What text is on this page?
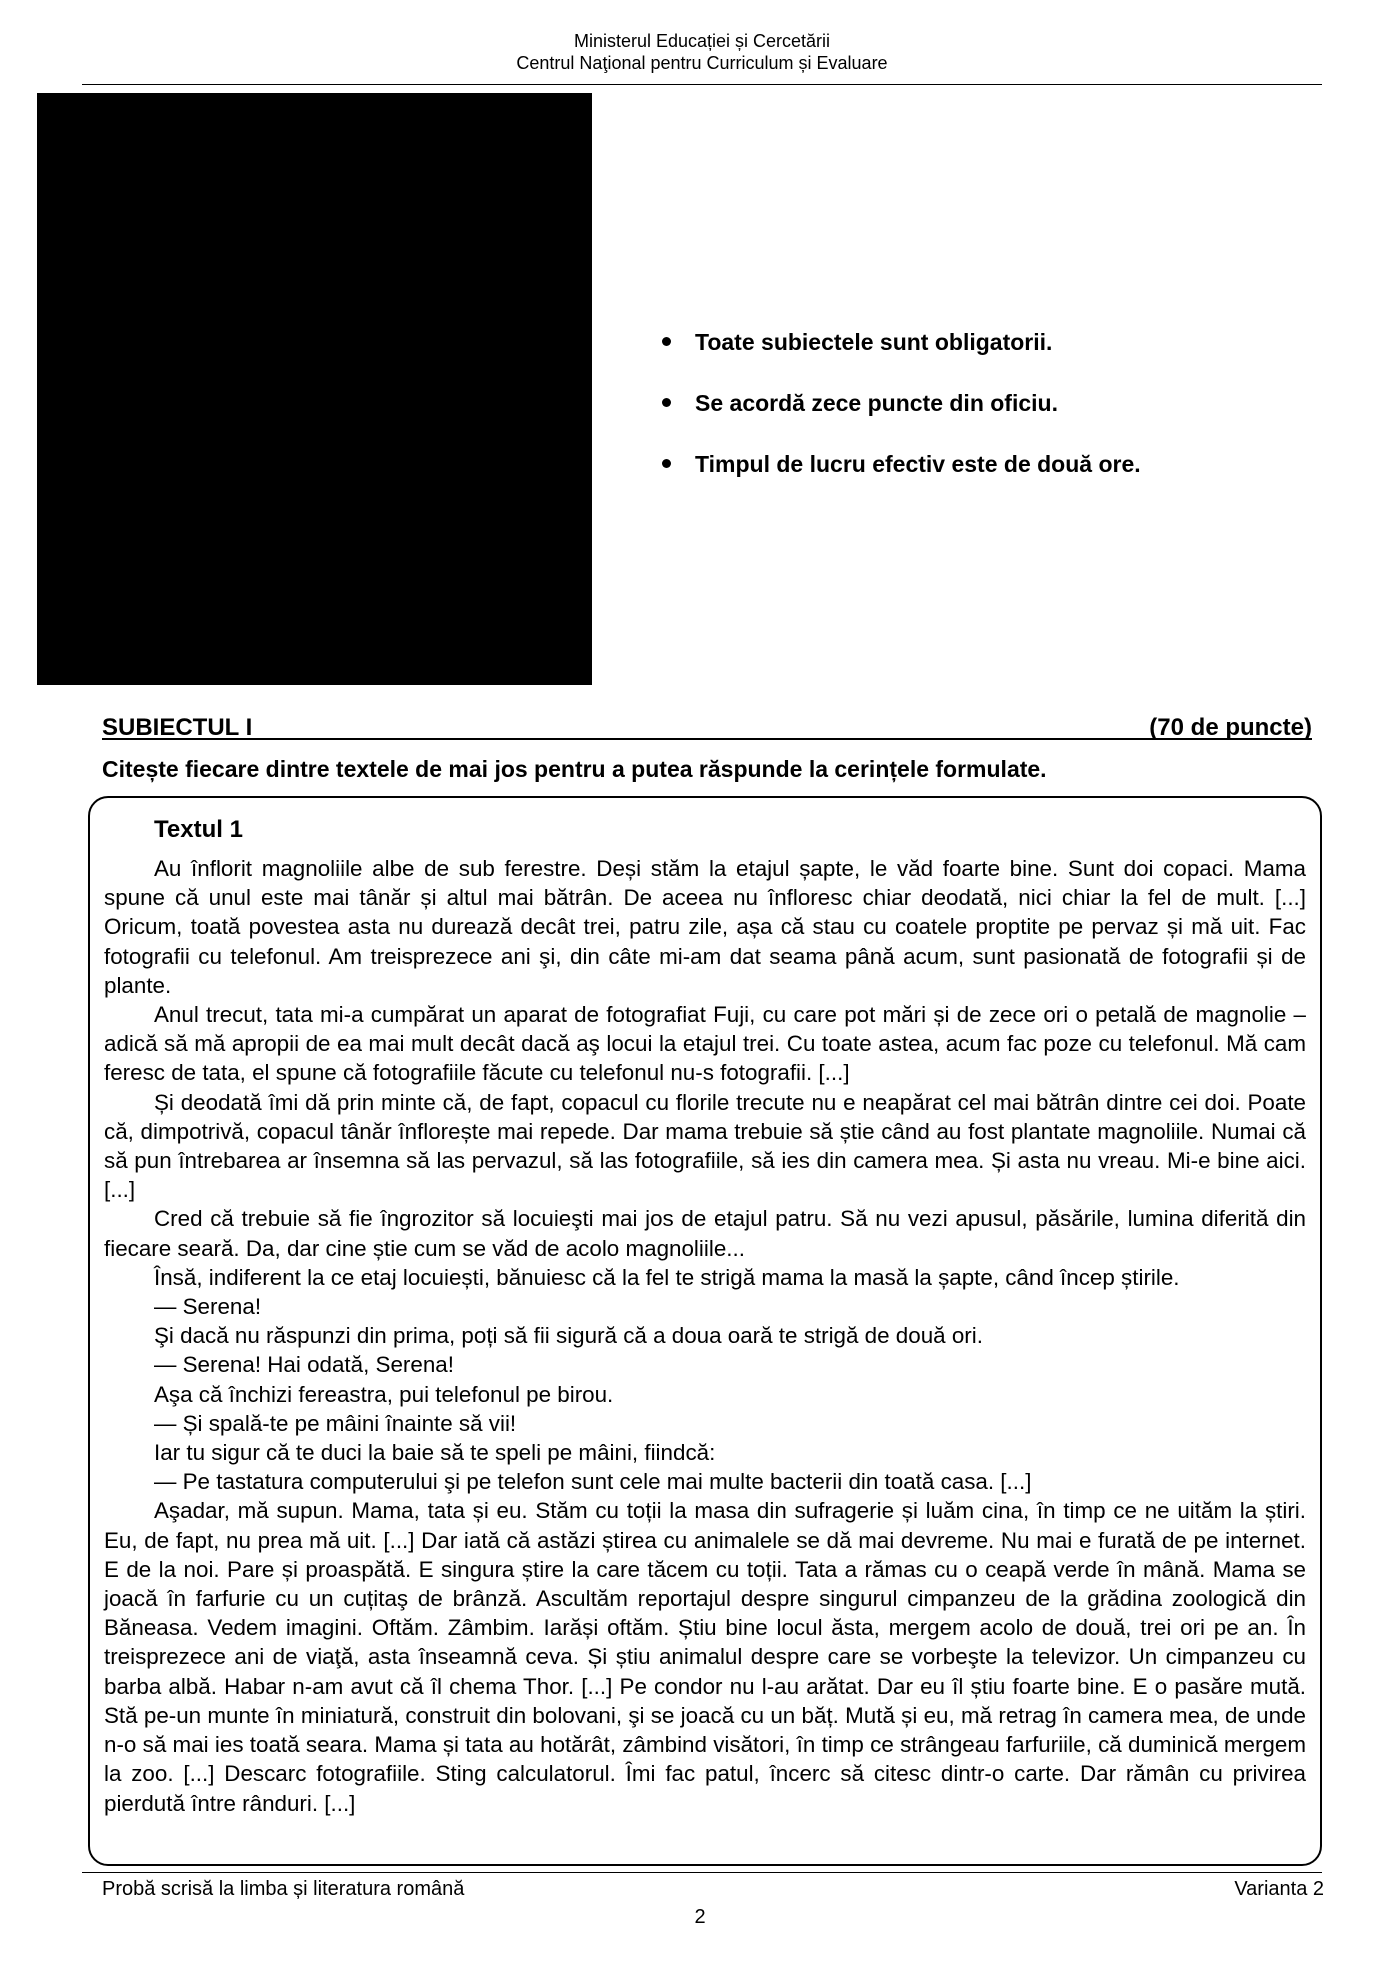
Ministerul Educației și Cercetării
Centrul Naţional pentru Curriculum și Evaluare
Toate subiectele sunt obligatorii.
Se acordă zece puncte din oficiu.
Timpul de lucru efectiv este de două ore.
SUBIECTUL I	(70 de puncte)
Citește fiecare dintre textele de mai jos pentru a putea răspunde la cerințele formulate.
Textul 1

Au înflorit magnoliile albe de sub ferestre. Deși stăm la etajul șapte, le văd foarte bine. Sunt doi copaci. Mama spune că unul este mai tânăr și altul mai bătrân. De aceea nu înfloresc chiar deodată, nici chiar la fel de mult. [...] Oricum, toată povestea asta nu durează decât trei, patru zile, așa că stau cu coatele proptite pe pervaz și mă uit. Fac fotografii cu telefonul. Am treisprezece ani şi, din câte mi-am dat seama până acum, sunt pasionată de fotografii și de plante.

Anul trecut, tata mi-a cumpărat un aparat de fotografiat Fuji, cu care pot mări și de zece ori o petală de magnolie – adică să mă apropii de ea mai mult decât dacă aş locui la etajul trei. Cu toate astea, acum fac poze cu telefonul. Mă cam feresc de tata, el spune că fotografiile făcute cu telefonul nu-s fotografii. [...]

Și deodată îmi dă prin minte că, de fapt, copacul cu florile trecute nu e neapărat cel mai bătrân dintre cei doi. Poate că, dimpotrivă, copacul tânăr înflorește mai repede. Dar mama trebuie să știe când au fost plantate magnoliile. Numai că să pun întrebarea ar însemna să las pervazul, să las fotografiile, să ies din camera mea. Și asta nu vreau. Mi-e bine aici. [...]

Cred că trebuie să fie îngrozitor să locuieşti mai jos de etajul patru. Să nu vezi apusul, păsările, lumina diferită din fiecare seară. Da, dar cine știe cum se văd de acolo magnoliile...

Însă, indiferent la ce etaj locuiești, bănuiesc că la fel te strigă mama la masă la șapte, când încep știrile.

— Serena!

Şi dacă nu răspunzi din prima, poți să fii sigură că a doua oară te strigă de două ori.

— Serena! Hai odată, Serena!

Aşa că închizi fereastra, pui telefonul pe birou.

— Și spală-te pe mâini înainte să vii!

Iar tu sigur că te duci la baie să te speli pe mâini, fiindcă:

— Pe tastatura computerului şi pe telefon sunt cele mai multe bacterii din toată casa. [...]

Aşadar, mă supun. Mama, tata și eu. Stăm cu toții la masa din sufragerie și luăm cina, în timp ce ne uităm la știri. Eu, de fapt, nu prea mă uit. [...] Dar iată că astăzi știrea cu animalele se dă mai devreme. Nu mai e furată de pe internet. E de la noi. Pare și proaspătă. E singura știre la care tăcem cu toții. Tata a rămas cu o ceapă verde în mână. Mama se joacă în farfurie cu un cuțitaş de brânză. Ascultăm reportajul despre singurul cimpanzeu de la grădina zoologică din Băneasa. Vedem imagini. Oftăm. Zâmbim. Iarăși oftăm. Știu bine locul ăsta, mergem acolo de două, trei ori pe an. În treisprezece ani de viaţă, asta înseamnă ceva. Și știu animalul despre care se vorbeşte la televizor. Un cimpanzeu cu barba albă. Habar n-am avut că îl chema Thor. [...] Pe condor nu l-au arătat. Dar eu îl știu foarte bine. E o pasăre mută. Stă pe-un munte în miniatură, construit din bolovani, şi se joacă cu un băț. Mută și eu, mă retrag în camera mea, de unde n-o să mai ies toată seara. Mama și tata au hotărât, zâmbind visători, în timp ce strângeau farfuriile, că duminică mergem la zoo. [...] Descarc fotografiile. Sting calculatorul. Îmi fac patul, încerc să citesc dintr-o carte. Dar rămân cu privirea pierdută între rânduri. [...]

Probă scrisă la limba și literatura română	Varianta 2
2
